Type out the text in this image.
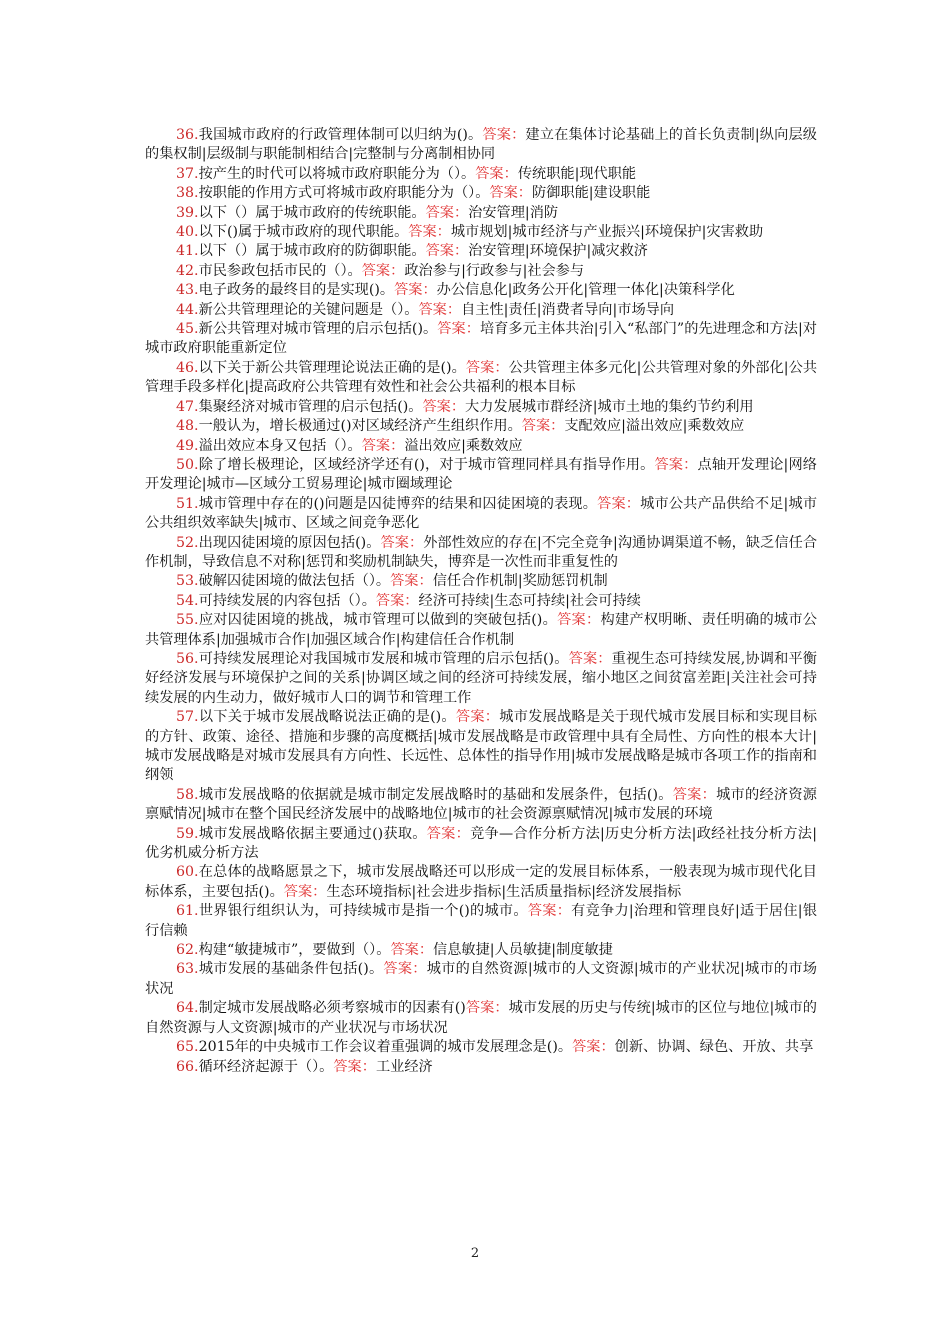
36.我国城市政府的行政管理体制可以归纳为()。答案：建立在集体讨论基础上的首长负责制|纵向层级的集权制|层级制与职能制相结合|完整制与分离制相协同

37.按产生的时代可以将城市政府职能分为（）。答案：传统职能|现代职能

38.按职能的作用方式可将城市政府职能分为（）。答案：防御职能|建设职能

39.以下（）属于城市政府的传统职能。答案：治安管理|消防

40.以下()属于城市政府的现代职能。答案：城市规划|城市经济与产业振兴|环境保护|灾害救助

41.以下（）属于城市政府的防御职能。答案：治安管理|环境保护|减灾救济

42.市民参政包括市民的（）。答案：政治参与|行政参与|社会参与

43.电子政务的最终目的是实现()。答案：办公信息化|政务公开化|管理一体化|决策科学化

44.新公共管理理论的关键问题是（）。答案：自主性|责任|消费者导向|市场导向

45.新公共管理对城市管理的启示包括()。答案：培育多元主体共治|引入“私部门”的先进理念和方法|对城市政府职能重新定位

46.以下关于新公共管理理论说法正确的是()。答案：公共管理主体多元化|公共管理对象的外部化|公共管理手段多样化|提高政府公共管理有效性和社会公共福利的根本目标

47.集聚经济对城市管理的启示包括()。答案：大力发展城市群经济|城市土地的集约节约利用

48.一般认为，增长极通过()对区域经济产生组织作用。答案：支配效应|溢出效应|乘数效应

49.溢出效应本身又包括（）。答案：溢出效应|乘数效应

50.除了增长极理论，区域经济学还有()，对于城市管理同样具有指导作用。答案：点轴开发理论|网络开发理论|城市—区域分工贸易理论|城市圈域理论

51.城市管理中存在的()问题是囚徒博弈的结果和囚徒困境的表现。答案：城市公共产品供给不足|城市公共组织效率缺失|城市、区域之间竞争恶化

52.出现囚徒困境的原因包括()。答案：外部性效应的存在|不完全竞争|沟通协调渠道不畅，缺乏信任合作机制，导致信息不对称|惩罚和奖励机制缺失，博弈是一次性而非重复性的

53.破解囚徒困境的做法包括（）。答案：信任合作机制|奖励惩罚机制

54.可持续发展的内容包括（）。答案：经济可持续|生态可持续|社会可持续

55.应对囚徒困境的挑战，城市管理可以做到的突破包括()。答案：构建产权明晰、责任明确的城市公共管理体系|加强城市合作|加强区域合作|构建信任合作机制

56.可持续发展理论对我国城市发展和城市管理的启示包括()。答案：重视生态可持续发展,协调和平衡好经济发展与环境保护之间的关系|协调区域之间的经济可持续发展，缩小地区之间贫富差距|关注社会可持续发展的内生动力，做好城市人口的调节和管理工作

57.以下关于城市发展战略说法正确的是()。答案：城市发展战略是关于现代城市发展目标和实现目标的方针、政策、途径、措施和步骤的高度概括|城市发展战略是市政管理中具有全局性、方向性的根本大计|城市发展战略是对城市发展具有方向性、长远性、总体性的指导作用|城市发展战略是城市各项工作的指南和纲领

58.城市发展战略的依据就是城市制定发展战略时的基础和发展条件，包括()。答案：城市的经济资源禀赋情况|城市在整个国民经济发展中的战略地位|城市的社会资源禀赋情况|城市发展的环境

59.城市发展战略依据主要通过()获取。答案：竞争—合作分析方法|历史分析方法|政经社技分析方法|优劣机威分析方法

60.在总体的战略愿景之下，城市发展战略还可以形成一定的发展目标体系，一般表现为城市现代化目标体系，主要包括()。答案：生态环境指标|社会进步指标|生活质量指标|经济发展指标

61.世界银行组织认为，可持续城市是指一个()的城市。答案：有竞争力|治理和管理良好|适于居住|银行信赖

62.构建“敏捷城市”，要做到（）。答案：信息敏捷|人员敏捷|制度敏捷

63.城市发展的基础条件包括()。答案：城市的自然资源|城市的人文资源|城市的产业状况|城市的市场状况

64.制定城市发展战略必须考察城市的因素有()答案：城市发展的历史与传统|城市的区位与地位|城市的自然资源与人文资源|城市的产业状况与市场状况

65.2015年的中央城市工作会议着重强调的城市发展理念是()。答案：创新、协调、绿色、开放、共享

66.循环经济起源于（）。答案：工业经济

2
